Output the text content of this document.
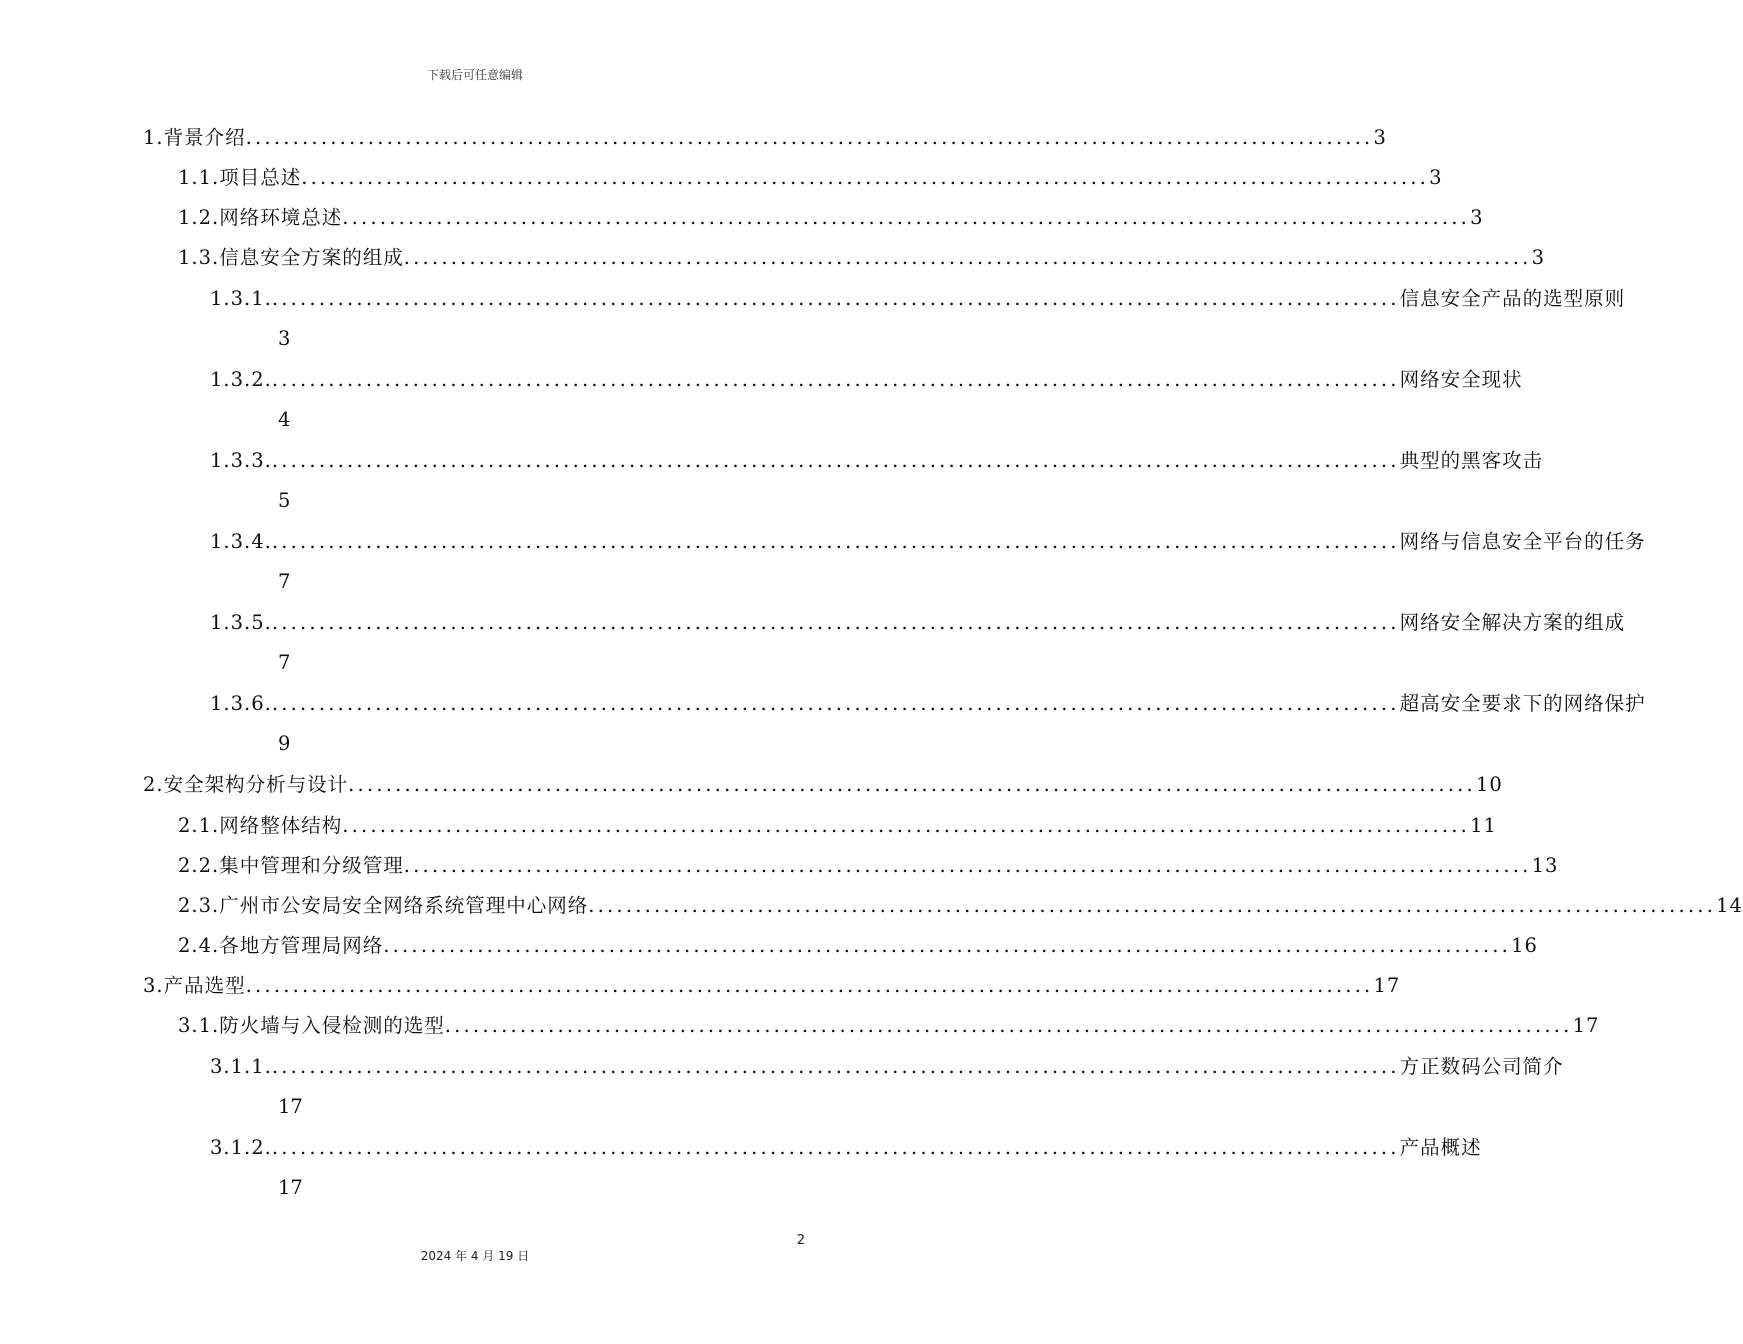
下载后可任意编辑
1. 背景介绍 ........................................................................................................................ 3
1.1. 项目总述 ........................................................................................................................ 3
1.2. 网络环境总述 ........................................................................................................................ 3
1.3. 信息安全方案的组成 ........................................................................................................................ 3
1.3.1. ........................................................................................................................ 信息安全产品的选型原则
3
1.3.2. ........................................................................................................................ 网络安全现状
4
1.3.3. ........................................................................................................................ 典型的黑客攻击
5
1.3.4. ........................................................................................................................ 网络与信息安全平台的任务
7
1.3.5. ........................................................................................................................ 网络安全解决方案的组成
7
1.3.6. ........................................................................................................................ 超高安全要求下的网络保护
9
2. 安全架构分析与设计 ........................................................................................................................ 10
2.1. 网络整体结构 ........................................................................................................................ 11
2.2. 集中管理和分级管理 ........................................................................................................................ 13
2.3. 广州市公安局安全网络系统管理中心网络 ........................................................................................................................ 14
2.4. 各地方管理局网络 ........................................................................................................................ 16
3. 产品选型 ........................................................................................................................ 17
3.1. 防火墙与入侵检测的选型 ........................................................................................................................ 17
3.1.1. ........................................................................................................................ 方正数码公司简介
17
3.1.2. ........................................................................................................................ 产品概述
17
2
2024 年 4 月 19 日
